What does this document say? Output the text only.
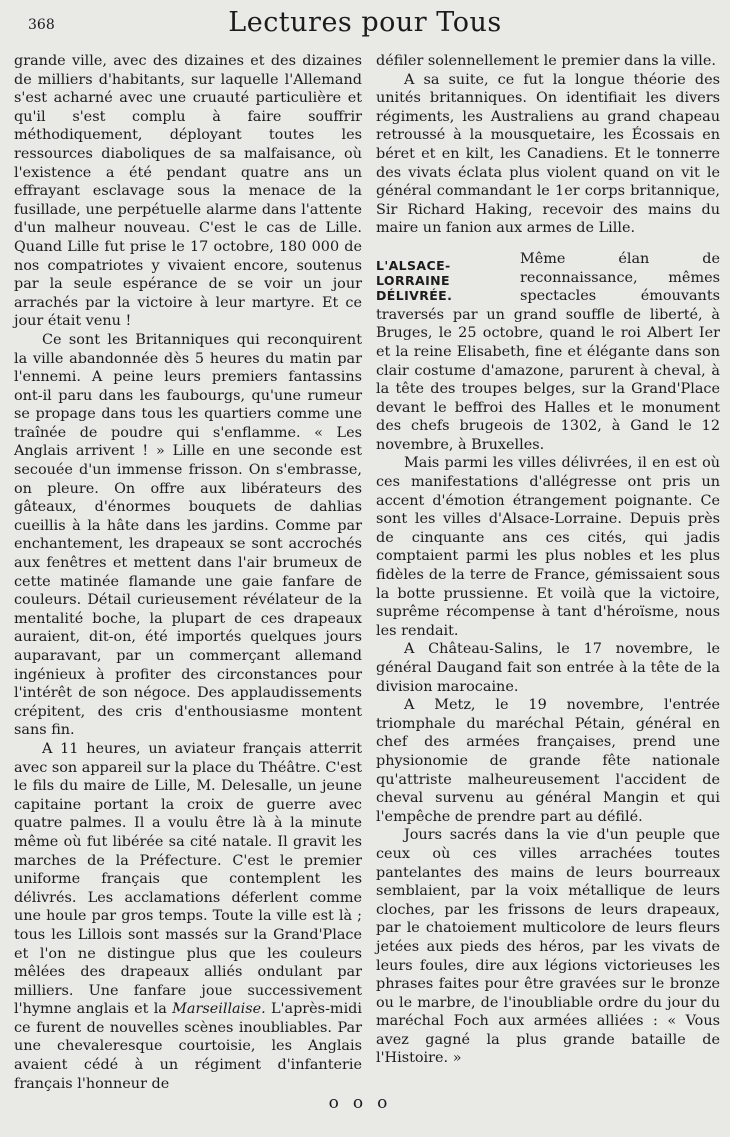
368	Lectures pour Tous

grande ville, avec des dizaines et des dizaines de milliers d'habitants, sur laquelle l'Allemand s'est acharné avec une cruauté particulière et qu'il s'est complu à faire souffrir méthodiquement, déployant toutes les ressources diaboliques de sa malfaisance, où l'existence a été pendant quatre ans un effrayant esclavage sous la menace de la fusillade, une perpétuelle alarme dans l'attente d'un malheur nouveau. C'est le cas de Lille. Quand Lille fut prise le 17 octobre, 180 000 de nos compatriotes y vivaient encore, soutenus par la seule espérance de se voir un jour arrachés par la victoire à leur martyre. Et ce jour était venu !

Ce sont les Britanniques qui reconquirent la ville abandonnée dès 5 heures du matin par l'ennemi. A peine leurs premiers fantassins ont-il paru dans les faubourgs, qu'une rumeur se propage dans tous les quartiers comme une traînée de poudre qui s'enflamme. « Les Anglais arrivent ! » Lille en une seconde est secouée d'un immense frisson. On s'embrasse, on pleure. On offre aux libérateurs des gâteaux, d'énormes bouquets de dahlias cueillis à la hâte dans les jardins. Comme par enchantement, les drapeaux se sont accrochés aux fenêtres et mettent dans l'air brumeux de cette matinée flamande une gaie fanfare de couleurs. Détail curieusement révélateur de la mentalité boche, la plupart de ces drapeaux auraient, dit-on, été importés quelques jours auparavant, par un commerçant allemand ingénieux à profiter des circonstances pour l'intérêt de son négoce. Des applaudissements crépitent, des cris d'enthousiasme montent sans fin.

A 11 heures, un aviateur français atterrit avec son appareil sur la place du Théâtre. C'est le fils du maire de Lille, M. Delesalle, un jeune capitaine portant la croix de guerre avec quatre palmes. Il a voulu être là à la minute même où fut libérée sa cité natale. Il gravit les marches de la Préfecture. C'est le premier uniforme français que contemplent les délivrés. Les acclamations déferlent comme une houle par gros temps. Toute la ville est là ; tous les Lillois sont massés sur la Grand'Place et l'on ne distingue plus que les couleurs mêlées des drapeaux alliés ondulant par milliers. Une fanfare joue successivement l'hymne anglais et la Marseillaise. L'après-midi ce furent de nouvelles scènes inoubliables. Par une chevaleresque courtoisie, les Anglais avaient cédé à un régiment d'infanterie français l'honneur de

défiler solennellement le premier dans la ville.

A sa suite, ce fut la longue théorie des unités britanniques. On identifiait les divers régiments, les Australiens au grand chapeau retroussé à la mousquetaire, les Écossais en béret et en kilt, les Canadiens. Et le tonnerre des vivats éclata plus violent quand on vit le général commandant le 1er corps britannique, Sir Richard Haking, recevoir des mains du maire un fanion aux armes de Lille.

L'ALSACE-
LORRAINE
DÉLIVRÉE.

Même élan de reconnaissance, mêmes spectacles émouvants traversés par un grand souffle de liberté, à Bruges, le 25 octobre, quand le roi Albert Ier et la reine Elisabeth, fine et élégante dans son clair costume d'amazone, parurent à cheval, à la tête des troupes belges, sur la Grand'Place devant le beffroi des Halles et le monument des chefs brugeois de 1302, à Gand le 12 novembre, à Bruxelles.

Mais parmi les villes délivrées, il en est où ces manifestations d'allégresse ont pris un accent d'émotion étrangement poignante. Ce sont les villes d'Alsace-Lorraine. Depuis près de cinquante ans ces cités, qui jadis comptaient parmi les plus nobles et les plus fidèles de la terre de France, gémissaient sous la botte prussienne. Et voilà que la victoire, suprême récompense à tant d'héroïsme, nous les rendait.

A Château-Salins, le 17 novembre, le général Daugand fait son entrée à la tête de la division marocaine.

A Metz, le 19 novembre, l'entrée triomphale du maréchal Pétain, général en chef des armées françaises, prend une physionomie de grande fête nationale qu'attriste malheureusement l'accident de cheval survenu au général Mangin et qui l'empêche de prendre part au défilé.

Jours sacrés dans la vie d'un peuple que ceux où ces villes arrachées toutes pantelantes des mains de leurs bourreaux semblaient, par la voix métallique de leurs cloches, par les frissons de leurs drapeaux, par le chatoiement multicolore de leurs fleurs jetées aux pieds des héros, par les vivats de leurs foules, dire aux légions victorieuses les phrases faites pour être gravées sur le bronze ou le marbre, de l'inoubliable ordre du jour du maréchal Foch aux armées alliées : « Vous avez gagné la plus grande bataille de l'Histoire. »

ooo
